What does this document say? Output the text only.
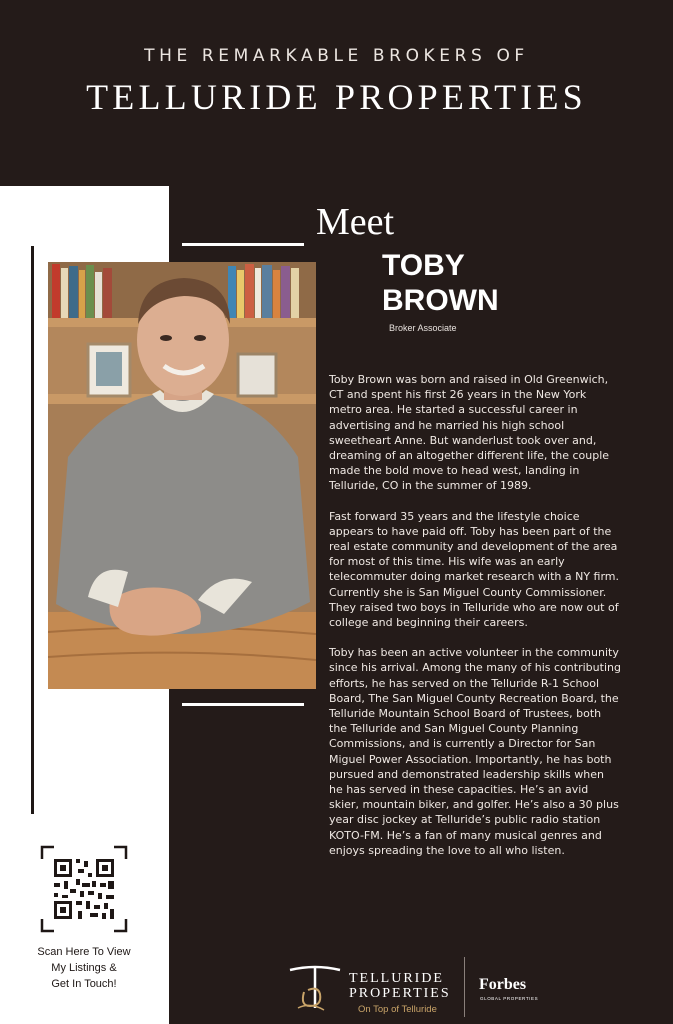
THE REMARKABLE BROKERS OF
TELLURIDE PROPERTIES
Meet
TOBY
BROWN
Broker Associate

Toby Brown was born and raised in Old Greenwich, CT and spent his first 26 years in the New York metro area. He started a successful career in advertising and he married his high school sweetheart Anne. But wanderlust took over and, dreaming of an altogether different life, the couple made the bold move to head west, landing in Telluride, CO in the summer of 1989.

Fast forward 35 years and the lifestyle choice appears to have paid off. Toby has been part of the real estate community and development of the area for most of this time. His wife was an early telecommuter doing market research with a NY firm. Currently she is San Miguel County Commissioner. They raised two boys in Telluride who are now out of college and beginning their careers.

Toby has been an active volunteer in the community since his arrival. Among the many of his contributing efforts, he has served on the Telluride R-1 School Board, The San Miguel County Recreation Board, the Telluride Mountain School Board of Trustees, both the Telluride and San Miguel County Planning Commissions, and is currently a Director for San Miguel Power Association. Importantly, he has both pursued and demonstrated leadership skills when he has served in these capacities. He’s an avid skier, mountain biker, and golfer. He’s also a 30 plus year disc jockey at Telluride’s public radio station KOTO-FM. He’s a fan of many musical genres and enjoys spreading the love to all who listen.

Scan Here To View
My Listings &
Get In Touch!	TELLURIDE
PROPERTIES
On Top of Telluride
Forbes
GLOBAL PROPERTIES
